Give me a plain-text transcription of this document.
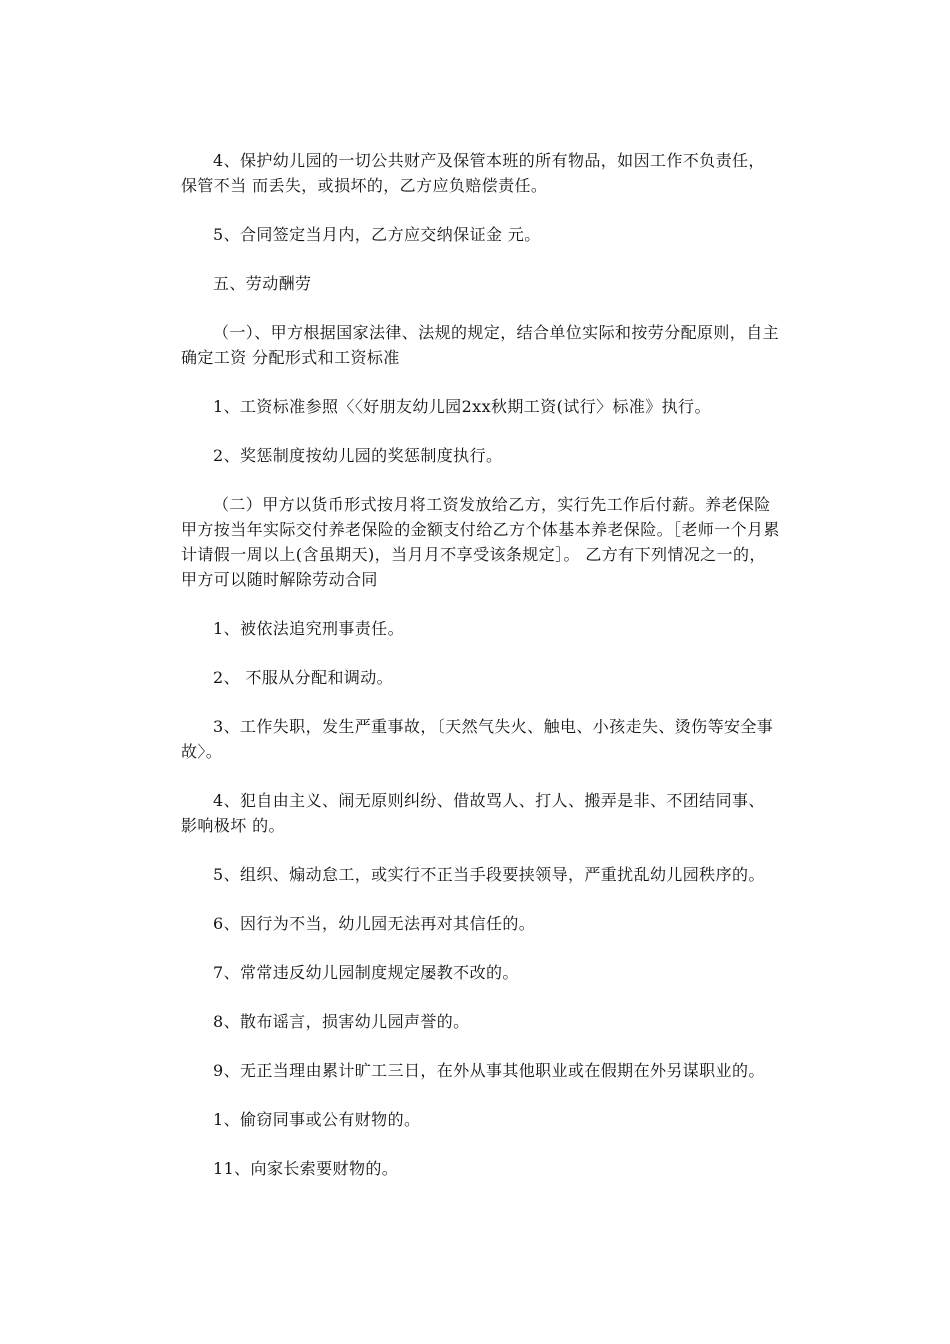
4、保护幼儿园的一切公共财产及保管本班的所有物品，如因工作不负责任，保管不当 而丢失，或损坏的，乙方应负赔偿责任。

5、合同签定当月内，乙方应交纳保证金 元。

五、劳动酬劳

（一）、甲方根据国家法律、法规的规定，结合单位实际和按劳分配原则，自主确定工资 分配形式和工资标准

1、工资标准参照〈〈好朋友幼儿园2xx秋期工资(试行〉标准》执行。

2、奖惩制度按幼儿园的奖惩制度执行。

（二）甲方以货币形式按月将工资发放给乙方，实行先工作后付薪。养老保险甲方按当年实际交付养老保险的金额支付给乙方个体基本养老保险。［老师一个月累计请假一周以上(含虽期天)，当月月不享受该条规定］。 乙方有下列情况之一的，甲方可以随时解除劳动合同

1、被依法追究刑事责任。

2、 不服从分配和调动。

3、工作失职，发生严重事故，〔天然气失火、触电、小孩走失、烫伤等安全事故〉。

4、犯自由主义、闹无原则纠纷、借故骂人、打人、搬弄是非、不团结同事、影响极坏 的。

5、组织、煽动怠工，或实行不正当手段要挟领导，严重扰乱幼儿园秩序的。

6、因行为不当，幼儿园无法再对其信任的。

7、常常违反幼儿园制度规定屡教不改的。

8、散布谣言，损害幼儿园声誉的。

9、无正当理由累计旷工三日，在外从事其他职业或在假期在外另谋职业的。

1、偷窃同事或公有财物的。

11、向家长索要财物的。
